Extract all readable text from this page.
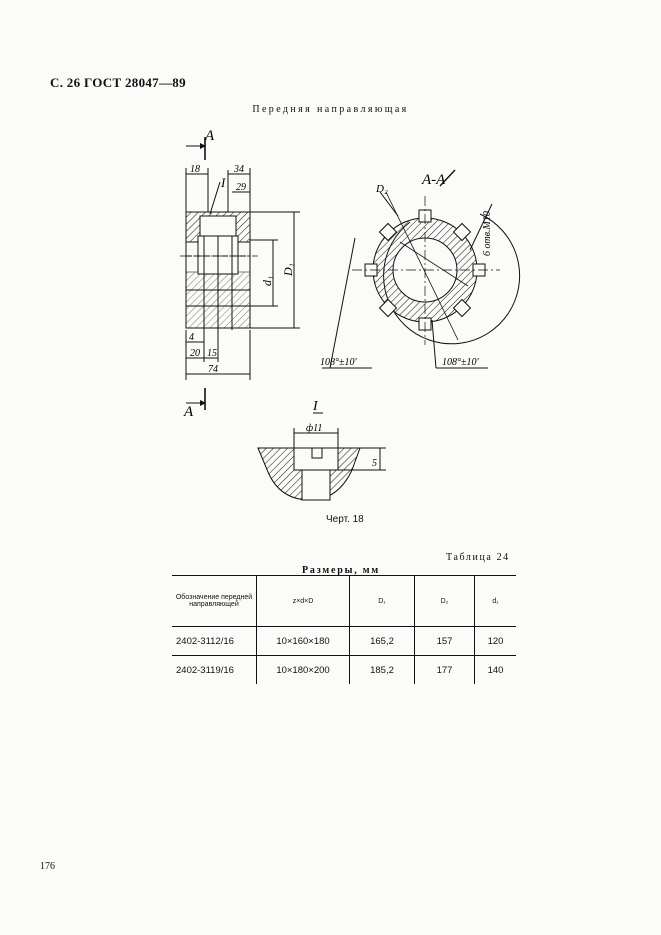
С. 26 ГОСТ 28047—89
Передняя направляющая
А
А
I
18	34
29
4
20 15
74
d₁
D₁
А-А
D₂
6 отв.М10
108°±10'	108°±10'
I
ф11
5
Черт. 18
Таблица 24
Размеры, мм
Обозначение передней направляющей	z×d×D	D₁	D₂	d₁
2402-3112/16	10×160×180	165,2	157	120
2402-3119/16	10×180×200	185,2	177	140
176
